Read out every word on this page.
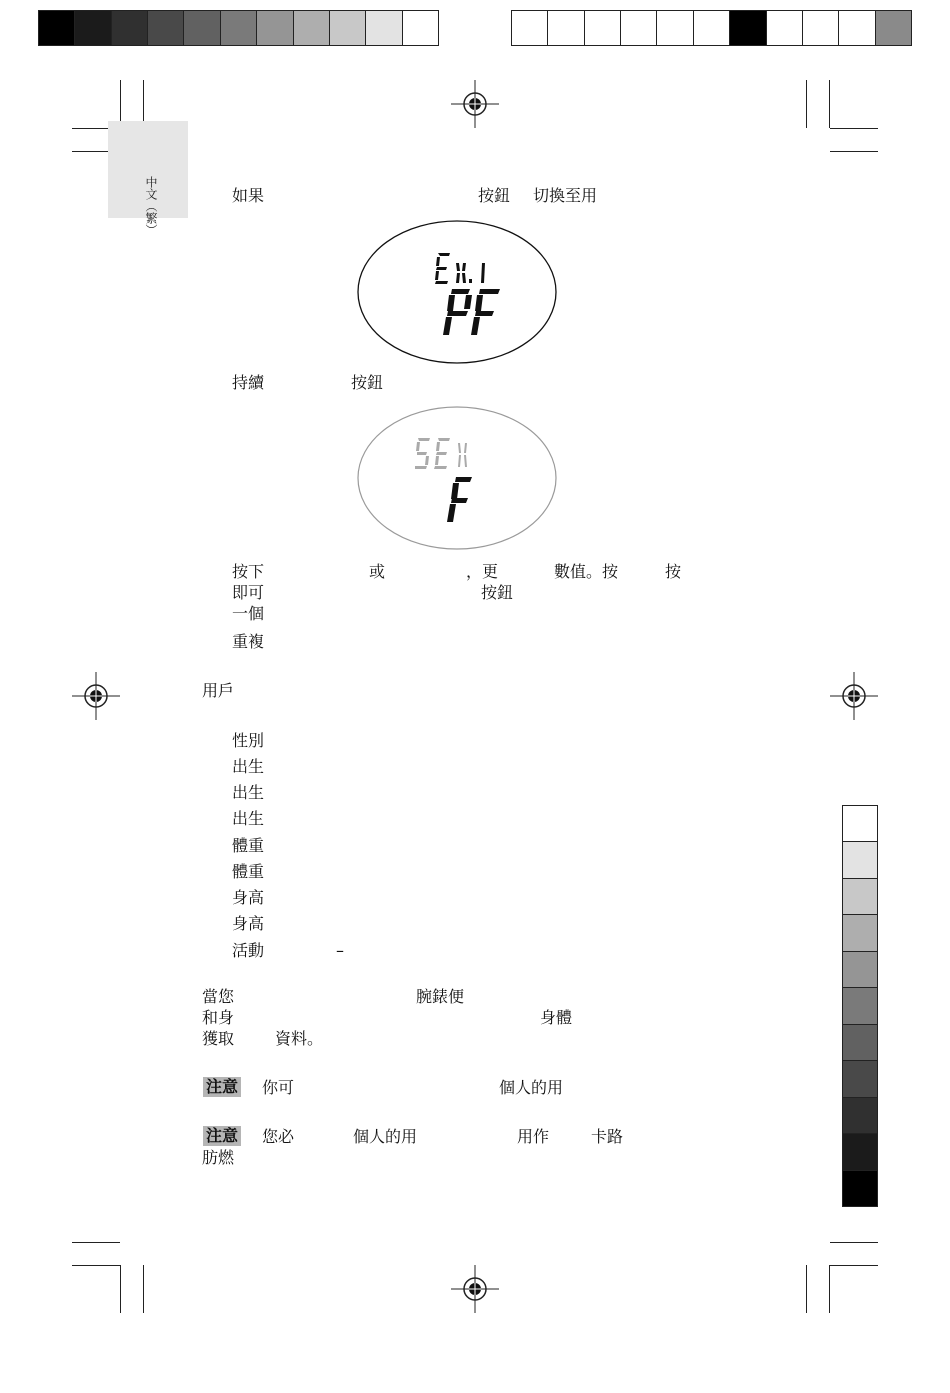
中文（繁）	如果	按鈕 切換至用
持續	按鈕
按下	或	，更	數值。按	按
即可	按鈕
一個
重複
用戶
性別
出生
出生
出生
體重
體重
身高
身高
活動	–
當您	腕錶便
和身	身體
獲取	資料。
注意 你可	個人的用
注意 您必	個人的用	用作	卡路
肪燃
